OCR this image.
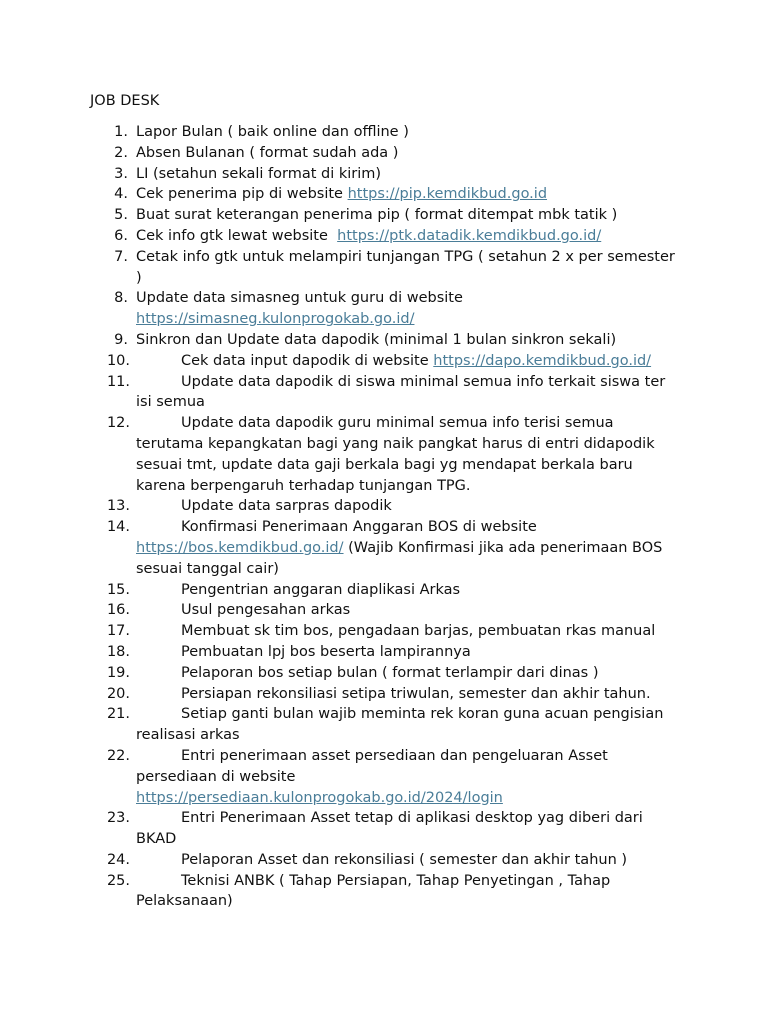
JOB DESK
1. Lapor Bulan ( baik online dan offline )
2. Absen Bulanan ( format sudah ada )
3. LI (setahun sekali format di kirim)
4. Cek penerima pip di website https://pip.kemdikbud.go.id
5. Buat surat keterangan penerima pip ( format ditempat mbk tatik )
6. Cek info gtk lewat website  https://ptk.datadik.kemdikbud.go.id/
7. Cetak info gtk untuk melampiri tunjangan TPG ( setahun 2 x per semester )
8. Update data simasneg untuk guru di website
https://simasneg.kulonprogokab.go.id/
9. Sinkron dan Update data dapodik (minimal 1 bulan sinkron sekali)
10.	Cek data input dapodik di website https://dapo.kemdikbud.go.id/
11.	Update data dapodik di siswa minimal semua info terkait siswa ter isi semua
12.	Update data dapodik guru minimal semua info terisi semua terutama kepangkatan bagi yang naik pangkat harus di entri didapodik sesuai tmt, update data gaji berkala bagi yg mendapat berkala baru karena berpengaruh terhadap tunjangan TPG.
13.	Update data sarpras dapodik
14.	Konfirmasi Penerimaan Anggaran BOS di website
https://bos.kemdikbud.go.id/ (Wajib Konfirmasi jika ada penerimaan BOS sesuai tanggal cair)
15.	Pengentrian anggaran diaplikasi Arkas
16.	Usul pengesahan arkas
17.	Membuat sk tim bos, pengadaan barjas, pembuatan rkas manual
18.	Pembuatan lpj bos beserta lampirannya
19.	Pelaporan bos setiap bulan ( format terlampir dari dinas )
20.	Persiapan rekonsiliasi setipa triwulan, semester dan akhir tahun.
21.	Setiap ganti bulan wajib meminta rek koran guna acuan pengisian realisasi arkas
22.	Entri penerimaan asset persediaan dan pengeluaran Asset persediaan di website
https://persediaan.kulonprogokab.go.id/2024/login
23.	Entri Penerimaan Asset tetap di aplikasi desktop yag diberi dari BKAD
24.	Pelaporan Asset dan rekonsiliasi ( semester dan akhir tahun )
25.	Teknisi ANBK ( Tahap Persiapan, Tahap Penyetingan , Tahap Pelaksanaan)
